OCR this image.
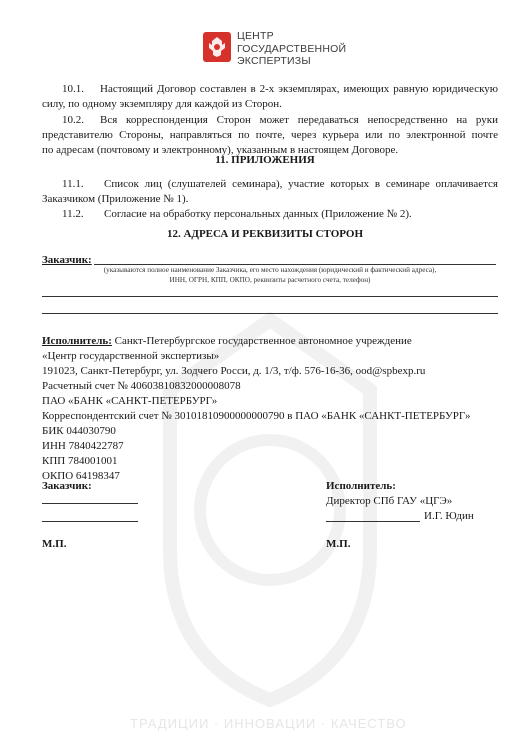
ЦЕНТР
ГОСУДАРСТВЕННОЙ
ЭКСПЕРТИЗЫ
10.1. Настоящий Договор составлен в 2-х экземплярах, имеющих равную юридическую
силу, по одному экземпляру для каждой из Сторон.
10.2. Вся корреспонденция Сторон может передаваться непосредственно на руки
представителю Стороны, направляться по почте, через курьера или по электронной почте
по адресам (почтовому и электронному), указанным в настоящем Договоре.
11. ПРИЛОЖЕНИЯ
11.1. Список лиц (слушателей семинара), участие которых в семинаре оплачивается
Заказчиком (Приложение № 1).
11.2. Согласие на обработку персональных данных (Приложение № 2).
12. АДРЕСА И РЕКВИЗИТЫ СТОРОН
Заказчик:
(указываются полное наименование Заказчика, его место нахождения (юридический и фактический адреса),
ИНН, ОГРН, КПП, ОКПО, реквизиты расчетного счета, телефон)
Исполнитель: Санкт-Петербургское государственное автономное учреждение
«Центр государственной экспертизы»
191023, Санкт-Петербург, ул. Зодчего Росси, д. 1/3, т/ф. 576-16-36, ood@spbexp.ru
Расчетный счет № 40603810832000008078
ПАО «БАНК «САНКТ-ПЕТЕРБУРГ»
Корреспондентский счет № 30101810900000000790 в ПАО «БАНК «САНКТ-ПЕТЕРБУРГ»
БИК 044030790
ИНН 7840422787
КПП 784001001
ОКПО 64198347
Заказчик:	Исполнитель:
Директор СПб ГАУ «ЦГЭ»
И.Г. Юдин
М.П.	М.П.
ТРАДИЦИИ · ИННОВАЦИИ · КАЧЕСТВО
